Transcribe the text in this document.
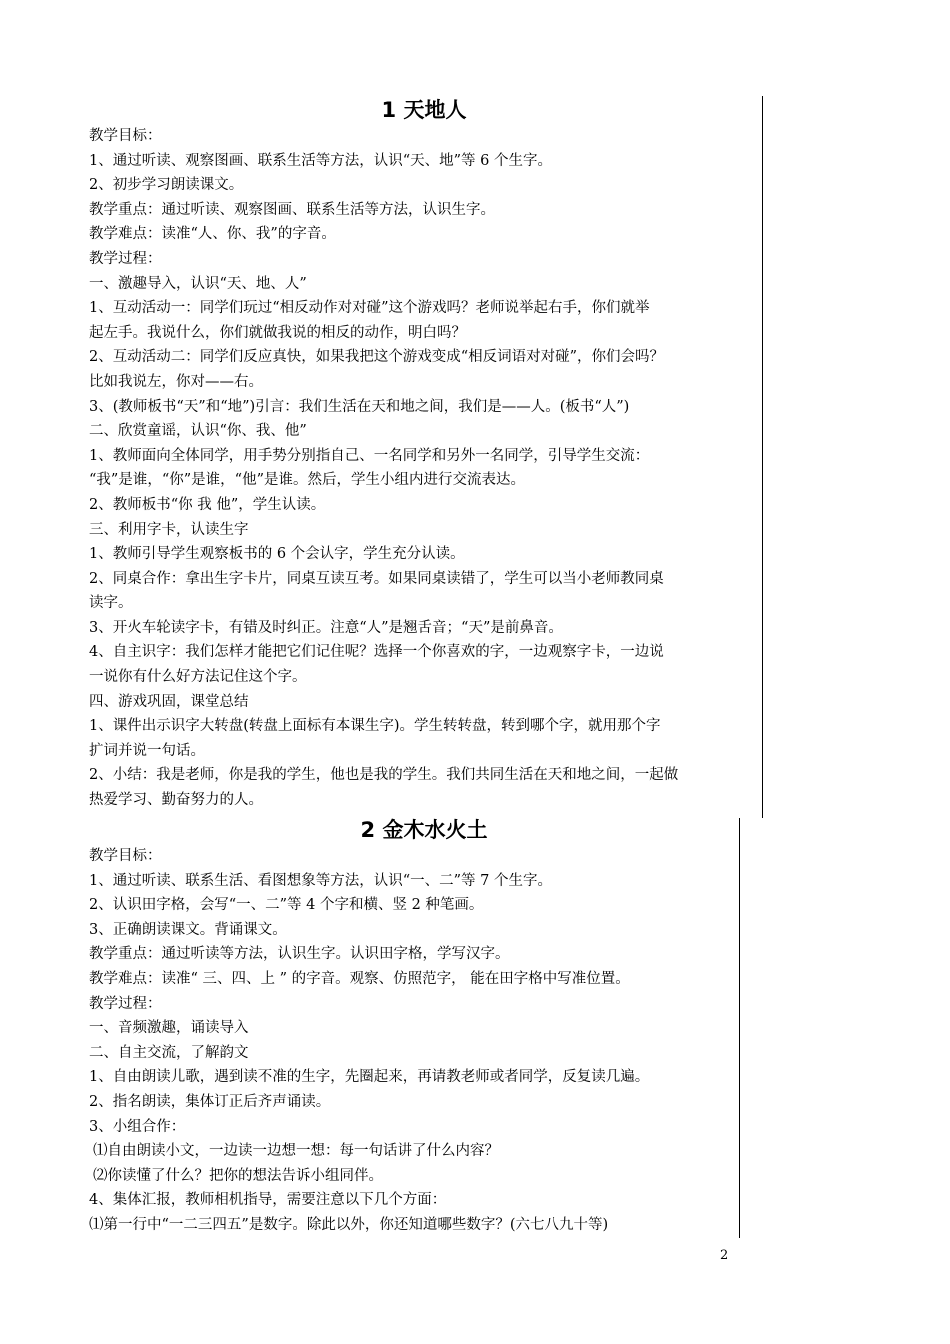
1 天地人
教学目标：
1、通过听读、观察图画、联系生活等方法，认识“天、地”等 6 个生字。
2、初步学习朗读课文。
教学重点：通过听读、观察图画、联系生活等方法，认识生字。
教学难点：读准“人、你、我”的字音。
教学过程：
一、激趣导入，认识“天、地、人”
1、互动活动一：同学们玩过“相反动作对对碰”这个游戏吗？老师说举起右手，你们就举
起左手。我说什么，你们就做我说的相反的动作，明白吗？
2、互动活动二：同学们反应真快，如果我把这个游戏变成“相反词语对对碰”，你们会吗？
比如我说左，你对——右。
3、(教师板书“天”和“地”)引言：我们生活在天和地之间，我们是——人。(板书“人”)
二、欣赏童谣，认识“你、我、他”
1、教师面向全体同学，用手势分别指自己、一名同学和另外一名同学，引导学生交流：
“我”是谁，“你”是谁，“他”是谁。然后，学生小组内进行交流表达。
2、教师板书“你 我 他”，学生认读。
三、利用字卡，认读生字
1、教师引导学生观察板书的 6 个会认字，学生充分认读。
2、同桌合作：拿出生字卡片，同桌互读互考。如果同桌读错了，学生可以当小老师教同桌
读字。
3、开火车轮读字卡，有错及时纠正。注意“人”是翘舌音；“天”是前鼻音。
4、自主识字：我们怎样才能把它们记住呢？选择一个你喜欢的字，一边观察字卡，一边说
一说你有什么好方法记住这个字。
四、游戏巩固，课堂总结
1、课件出示识字大转盘(转盘上面标有本课生字)。学生转转盘，转到哪个字，就用那个字
扩词并说一句话。
2、小结：我是老师，你是我的学生，他也是我的学生。我们共同生活在天和地之间，一起做
热爱学习、勤奋努力的人。
2 金木水火土
教学目标：
1、通过听读、联系生活、看图想象等方法，认识“一、二”等 7 个生字。
2、认识田字格，会写“一、二”等 4 个字和横、竖 2 种笔画。
3、正确朗读课文。背诵课文。
教学重点：通过听读等方法，认识生字。认识田字格，学写汉字。
教学难点：读准“ 三、四、上 ” 的字音。观察、仿照范字， 能在田字格中写准位置。
教学过程：
一、音频激趣，诵读导入
二、自主交流，了解韵文
1、自由朗读儿歌，遇到读不准的生字，先圈起来，再请教老师或者同学，反复读几遍。
2、指名朗读，集体订正后齐声诵读。
3、小组合作：
⑴自由朗读小文，一边读一边想一想：每一句话讲了什么内容？
⑵你读懂了什么？把你的想法告诉小组同伴。
4、集体汇报，教师相机指导，需要注意以下几个方面：
⑴第一行中“一二三四五”是数字。除此以外，你还知道哪些数字？(六七八九十等)
2
